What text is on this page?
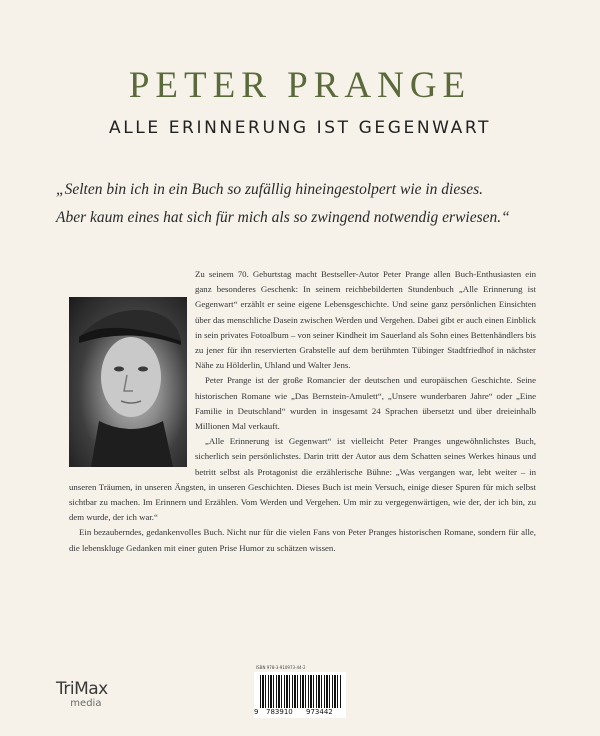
PETER PRANGE
ALLE ERINNERUNG IST GEGENWART
„Selten bin ich in ein Buch so zufällig hineingestolpert wie in dieses.
Aber kaum eines hat sich für mich als so zwingend notwendig erwiesen.“

Zu seinem 70. Geburtstag macht Bestseller-Autor Peter Prange allen Buch-Enthusiasten ein ganz besonderes Geschenk: In seinem reichbebilderten Stundenbuch „Alle Erinnerung ist Gegenwart“ erzählt er seine eigene Lebensgeschichte. Und seine ganz persönlichen Einsichten über das menschliche Dasein zwischen Werden und Vergehen. Dabei gibt er auch einen Einblick in sein privates Fotoalbum – von seiner Kindheit im Sauerland als Sohn eines Bettenhändlers bis zu jener für ihn reservierten Grabstelle auf dem berühmten Tübinger Stadtfriedhof in nächster Nähe zu Hölderlin, Uhland und Walter Jens.

Peter Prange ist der große Romancier der deutschen und europäischen Geschichte. Seine historischen Romane wie „Das Bernstein-Amulett“, „Unsere wunderbaren Jahre“ oder „Eine Familie in Deutschland“ wurden in insgesamt 24 Sprachen übersetzt und über dreieinhalb Millionen Mal verkauft.

„Alle Erinnerung ist Gegenwart“ ist vielleicht Peter Pranges ungewöhnlichstes Buch, sicherlich sein persönlichstes. Darin tritt der Autor aus dem Schatten seines Werkes hinaus und betritt selbst als Protagonist die erzählerische Bühne: „Was vergangen war, lebt weiter – in unseren Träumen, in unseren Ängsten, in unseren Geschichten. Dieses Buch ist mein Versuch, einige dieser Spuren für mich selbst sichtbar zu machen. Im Erinnern und Erzählen. Vom Werden und Vergehen. Um mir zu vergegenwärtigen, wie der, der ich bin, zu dem wurde, der ich war.“

Ein bezauberndes, gedankenvolles Buch. Nicht nur für die vielen Fans von Peter Pranges historischen Romane, sondern für alle, die lebenskluge Gedanken mit einer guten Prise Humor zu schätzen wissen.

ISBN 978-3-910973-44-2
9 783910 973442
TriMax
media
